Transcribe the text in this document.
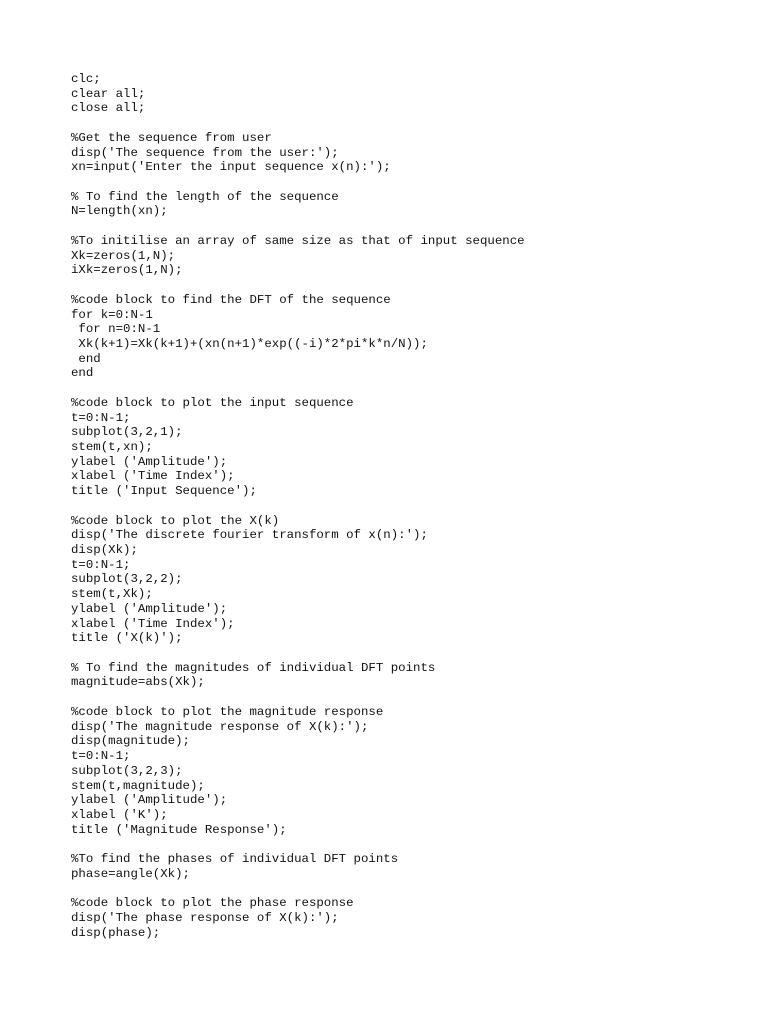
clc;
clear all;
close all;
%Get the sequence from user
disp('The sequence from the user:');
xn=input('Enter the input sequence x(n):');
% To find the length of the sequence
N=length(xn);
%To initilise an array of same size as that of input sequence
Xk=zeros(1,N);
iXk=zeros(1,N);
%code block to find the DFT of the sequence
for k=0:N-1
for n=0:N-1
Xk(k+1)=Xk(k+1)+(xn(n+1)*exp((-i)*2*pi*k*n/N));
end
end
%code block to plot the input sequence
t=0:N-1;
subplot(3,2,1);
stem(t,xn);
ylabel ('Amplitude');
xlabel ('Time Index');
title ('Input Sequence');
%code block to plot the X(k)
disp('The discrete fourier transform of x(n):');
disp(Xk);
t=0:N-1;
subplot(3,2,2);
stem(t,Xk);
ylabel ('Amplitude');
xlabel ('Time Index');
title ('X(k)');
% To find the magnitudes of individual DFT points
magnitude=abs(Xk);
%code block to plot the magnitude response
disp('The magnitude response of X(k):');
disp(magnitude);
t=0:N-1;
subplot(3,2,3);
stem(t,magnitude);
ylabel ('Amplitude');
xlabel ('K');
title ('Magnitude Response');
%To find the phases of individual DFT points
phase=angle(Xk);
%code block to plot the phase response
disp('The phase response of X(k):');
disp(phase);
